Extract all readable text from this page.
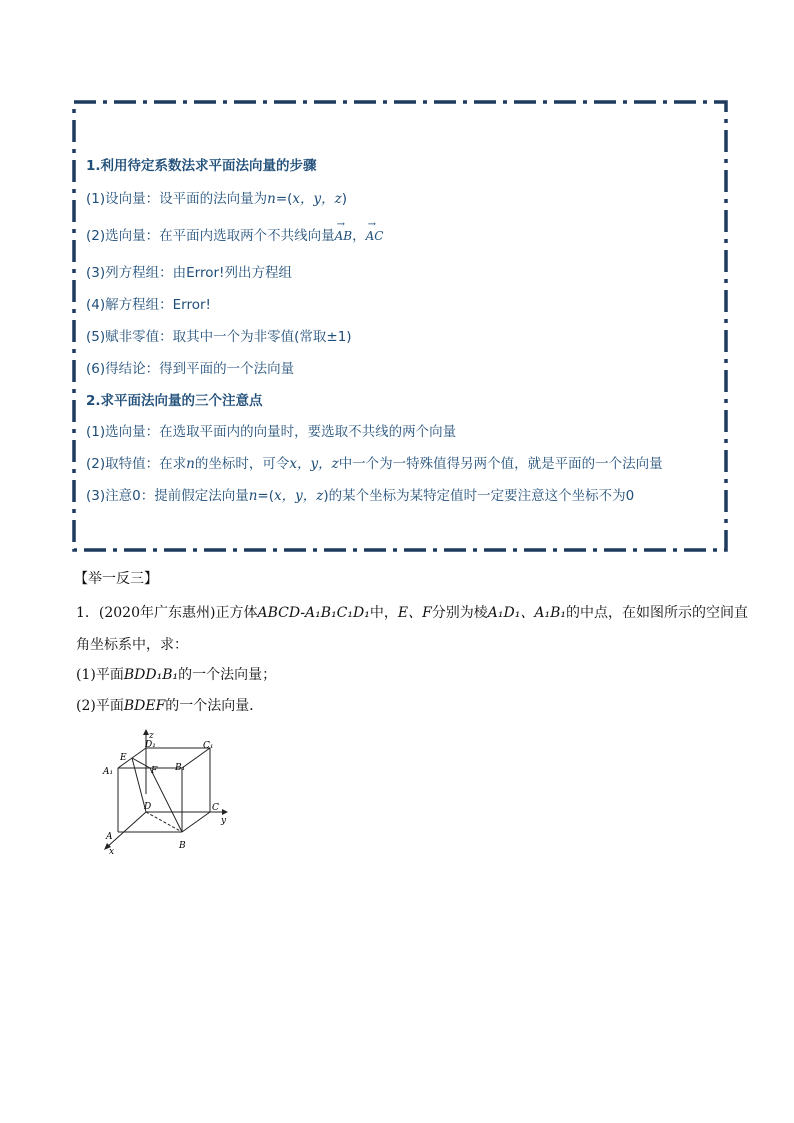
1.利用待定系数法求平面法向量的步骤
(1)设向量：设平面的法向量为n=(x，y，z)
(2)选向量：在平面内选取两个不共线向量→ AB，→ AC
(3)列方程组：由Error!列出方程组
(4)解方程组：Error!
(5)赋非零值：取其中一个为非零值(常取±1)
(6)得结论：得到平面的一个法向量
2.求平面法向量的三个注意点
(1)选向量：在选取平面内的向量时，要选取不共线的两个向量
(2)取特值：在求n的坐标时，可令x，y，z中一个为一特殊值得另两个值，就是平面的一个法向量
(3)注意0：提前假定法向量n=(x，y，z)的某个坐标为某特定值时一定要注意这个坐标不为0
【举一反三】
1．(2020年广东惠州)正方体ABCD-A₁B₁C₁D₁中，E、F分别为棱A₁D₁、A₁B₁的中点，在如图所示的空间直
角坐标系中，求：
(1)平面BDD₁B₁的一个法向量；
(2)平面BDEF的一个法向量．
z
y
x
A
B
C
D
A₁	B₁
C₁
D₁
E
F
